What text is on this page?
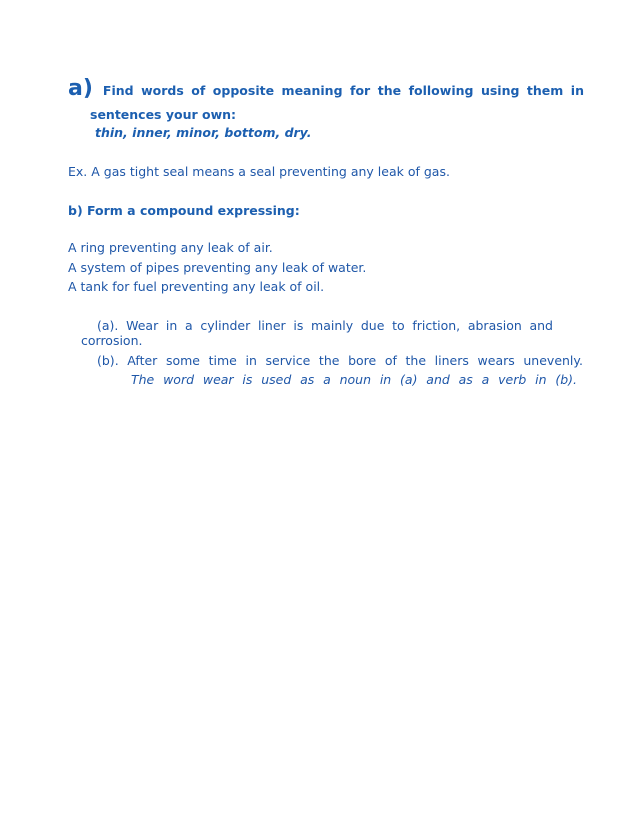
a) Find words of opposite meaning for the following using them in

sentences your own:

thin, inner, minor, bottom, dry.

Ex. A gas tight seal means a seal preventing any leak of gas.

b) Form a compound expressing:

A ring preventing any leak of air.

A system of pipes preventing any leak of water.

A tank for fuel preventing any leak of oil.

(a). Wear in a cylinder liner is mainly due to friction, abrasion and

corrosion.

(b). After some time in service the bore of the liners wears unevenly.

The word wear is used as a noun in (a) and as a verb in (b).
